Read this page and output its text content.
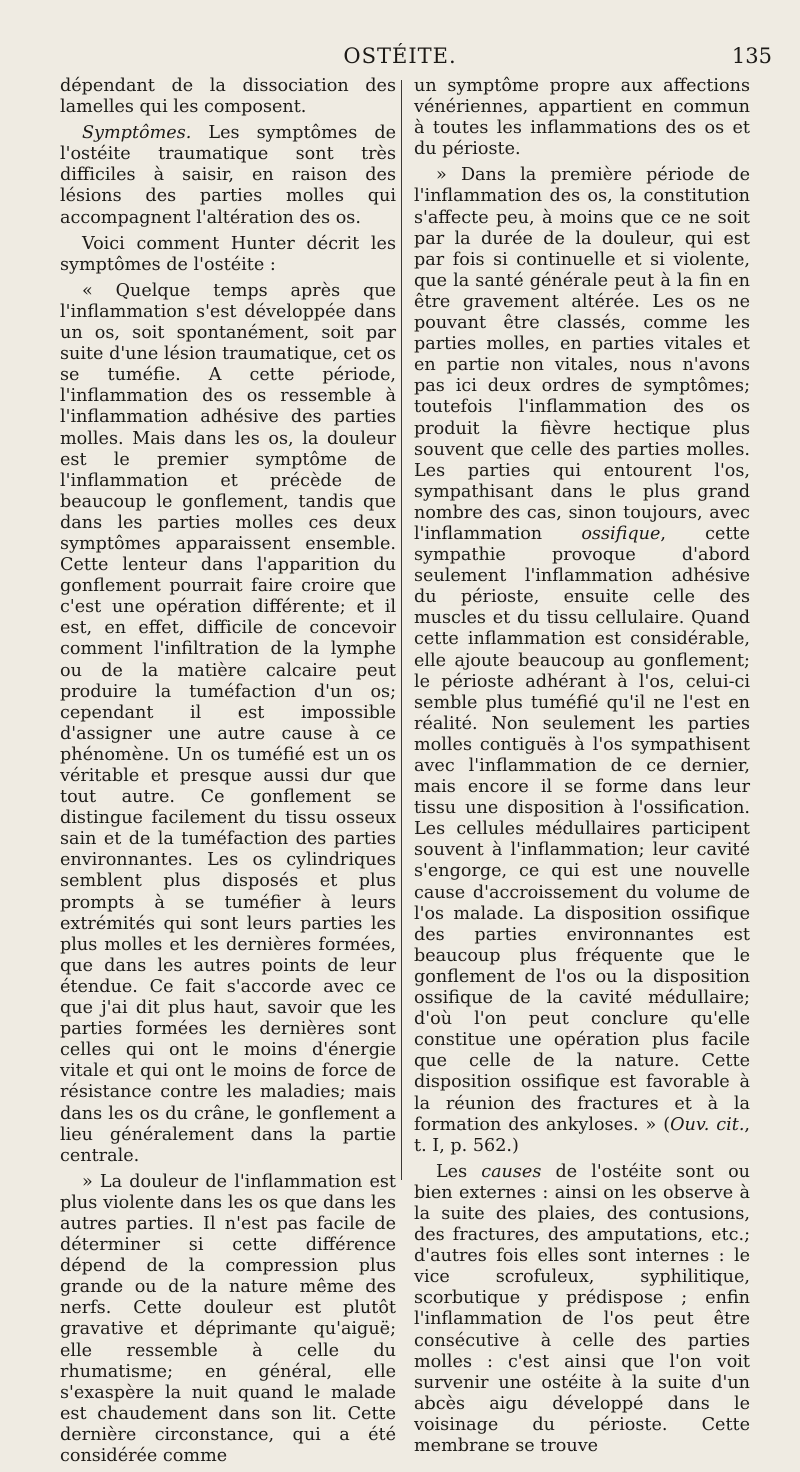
OSTÉITE.	135

dépendant de la dissociation des lamelles qui les composent.

Symptômes. Les symptômes de l'ostéite traumatique sont très difficiles à saisir, en raison des lésions des parties molles qui accompagnent l'altération des os.

Voici comment Hunter décrit les symptômes de l'ostéite :

« Quelque temps après que l'inflammation s'est développée dans un os, soit spontanément, soit par suite d'une lésion traumatique, cet os se tuméfie. A cette période, l'inflammation des os ressemble à l'inflammation adhésive des parties molles. Mais dans les os, la douleur est le premier symptôme de l'inflammation et précède de beaucoup le gonflement, tandis que dans les parties molles ces deux symptômes apparaissent ensemble. Cette lenteur dans l'apparition du gonflement pourrait faire croire que c'est une opération différente; et il est, en effet, difficile de concevoir comment l'infiltration de la lymphe ou de la matière calcaire peut produire la tuméfaction d'un os; cependant il est impossible d'assigner une autre cause à ce phénomène. Un os tuméfié est un os véritable et presque aussi dur que tout autre. Ce gonflement se distingue facilement du tissu osseux sain et de la tuméfaction des parties environnantes. Les os cylindriques semblent plus disposés et plus prompts à se tuméfier à leurs extrémités qui sont leurs parties les plus molles et les dernières formées, que dans les autres points de leur étendue. Ce fait s'accorde avec ce que j'ai dit plus haut, savoir que les parties formées les dernières sont celles qui ont le moins d'énergie vitale et qui ont le moins de force de résistance contre les maladies; mais dans les os du crâne, le gonflement a lieu généralement dans la partie centrale.

» La douleur de l'inflammation est plus violente dans les os que dans les autres parties. Il n'est pas facile de déterminer si cette différence dépend de la compression plus grande ou de la nature même des nerfs. Cette douleur est plutôt gravative et déprimante qu'aiguë; elle ressemble à celle du rhumatisme; en général, elle s'exaspère la nuit quand le malade est chaudement dans son lit. Cette dernière circonstance, qui a été considérée comme

un symptôme propre aux affections vénériennes, appartient en commun à toutes les inflammations des os et du périoste.

» Dans la première période de l'inflammation des os, la constitution s'affecte peu, à moins que ce ne soit par la durée de la douleur, qui est par fois si continuelle et si violente, que la santé générale peut à la fin en être gravement altérée. Les os ne pouvant être classés, comme les parties molles, en parties vitales et en partie non vitales, nous n'avons pas ici deux ordres de symptômes; toutefois l'inflammation des os produit la fièvre hectique plus souvent que celle des parties molles. Les parties qui entourent l'os, sympathisant dans le plus grand nombre des cas, sinon toujours, avec l'inflammation ossifique, cette sympathie provoque d'abord seulement l'inflammation adhésive du périoste, ensuite celle des muscles et du tissu cellulaire. Quand cette inflammation est considérable, elle ajoute beaucoup au gonflement; le périoste adhérant à l'os, celui-ci semble plus tuméfié qu'il ne l'est en réalité. Non seulement les parties molles contiguës à l'os sympathisent avec l'inflammation de ce dernier, mais encore il se forme dans leur tissu une disposition à l'ossification. Les cellules médullaires participent souvent à l'inflammation; leur cavité s'engorge, ce qui est une nouvelle cause d'accroissement du volume de l'os malade. La disposition ossifique des parties environnantes est beaucoup plus fréquente que le gonflement de l'os ou la disposition ossifique de la cavité médullaire; d'où l'on peut conclure qu'elle constitue une opération plus facile que celle de la nature. Cette disposition ossifique est favorable à la réunion des fractures et à la formation des ankyloses. » (Ouv. cit., t. I, p. 562.)

Les causes de l'ostéite sont ou bien externes : ainsi on les observe à la suite des plaies, des contusions, des fractures, des amputations, etc.; d'autres fois elles sont internes : le vice scrofuleux, syphilitique, scorbutique y prédispose ; enfin l'inflammation de l'os peut être consécutive à celle des parties molles : c'est ainsi que l'on voit survenir une ostéite à la suite d'un abcès aigu développé dans le voisinage du périoste. Cette membrane se trouve
